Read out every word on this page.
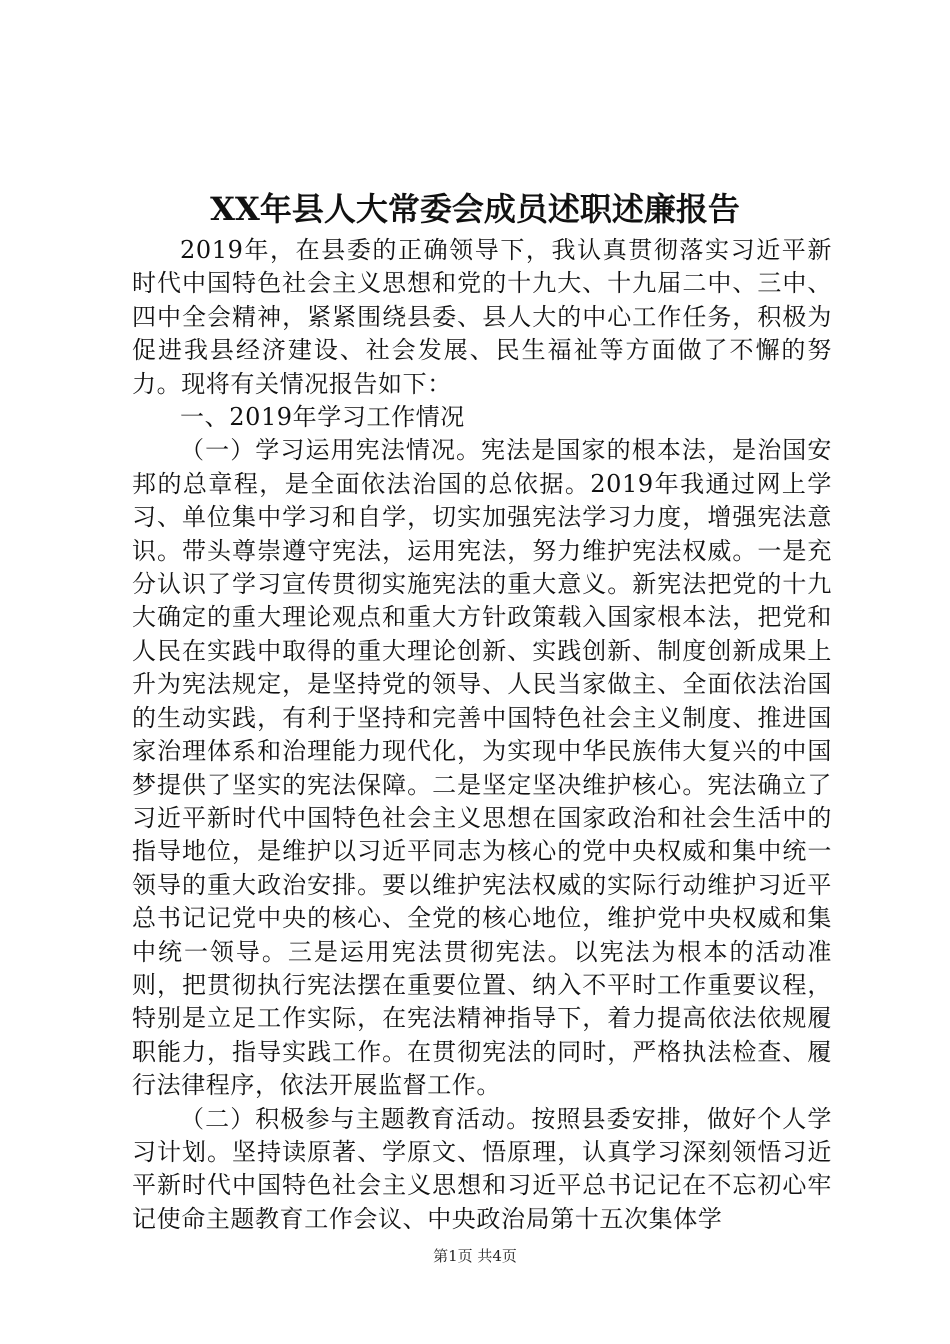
XX年县人大常委会成员述职述廉报告

2019年，在县委的正确领导下，我认真贯彻落实习近平新时代中国特色社会主义思想和党的十九大、十九届二中、三中、四中全会精神，紧紧围绕县委、县人大的中心工作任务，积极为促进我县经济建设、社会发展、民生福祉等方面做了不懈的努力。现将有关情况报告如下：

一、2019年学习工作情况

（一）学习运用宪法情况。宪法是国家的根本法，是治国安邦的总章程，是全面依法治国的总依据。2019年我通过网上学习、单位集中学习和自学，切实加强宪法学习力度，增强宪法意识。带头尊崇遵守宪法，运用宪法，努力维护宪法权威。一是充分认识了学习宣传贯彻实施宪法的重大意义。新宪法把党的十九大确定的重大理论观点和重大方针政策载入国家根本法，把党和人民在实践中取得的重大理论创新、实践创新、制度创新成果上升为宪法规定，是坚持党的领导、人民当家做主、全面依法治国的生动实践，有利于坚持和完善中国特色社会主义制度、推进国家治理体系和治理能力现代化，为实现中华民族伟大复兴的中国梦提供了坚实的宪法保障。二是坚定坚决维护核心。宪法确立了习近平新时代中国特色社会主义思想在国家政治和社会生活中的指导地位，是维护以习近平同志为核心的党中央权威和集中统一领导的重大政治安排。要以维护宪法权威的实际行动维护习近平总书记记党中央的核心、全党的核心地位，维护党中央权威和集中统一领导。三是运用宪法贯彻宪法。以宪法为根本的活动准则，把贯彻执行宪法摆在重要位置、纳入不平时工作重要议程，特别是立足工作实际，在宪法精神指导下，着力提高依法依规履职能力，指导实践工作。在贯彻宪法的同时，严格执法检查、履行法律程序，依法开展监督工作。

（二）积极参与主题教育活动。按照县委安排，做好个人学习计划。坚持读原著、学原文、悟原理，认真学习深刻领悟习近平新时代中国特色社会主义思想和习近平总书记记在不忘初心牢记使命主题教育工作会议、中央政治局第十五次集体学

第1页 共4页
